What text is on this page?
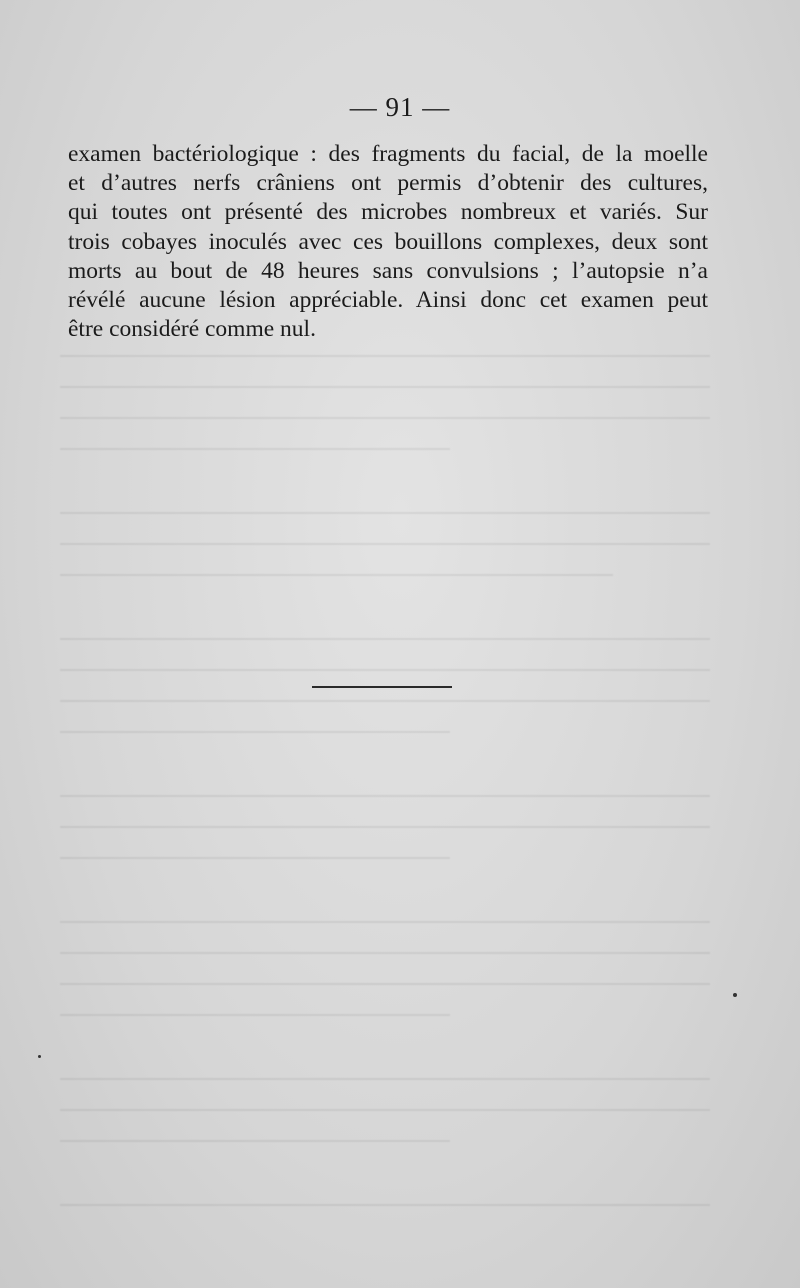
— 91 —
examen bactériologique : des fragments du facial, de la moelle
et d’autres nerfs crâniens ont permis d’obtenir des cultures,
qui toutes ont présenté des microbes nombreux et variés. Sur
trois cobayes inoculés avec ces bouillons complexes, deux sont
morts au bout de 48 heures sans convulsions ; l’autopsie n’a
révélé aucune lésion appréciable. Ainsi donc cet examen peut
être considéré comme nul.
